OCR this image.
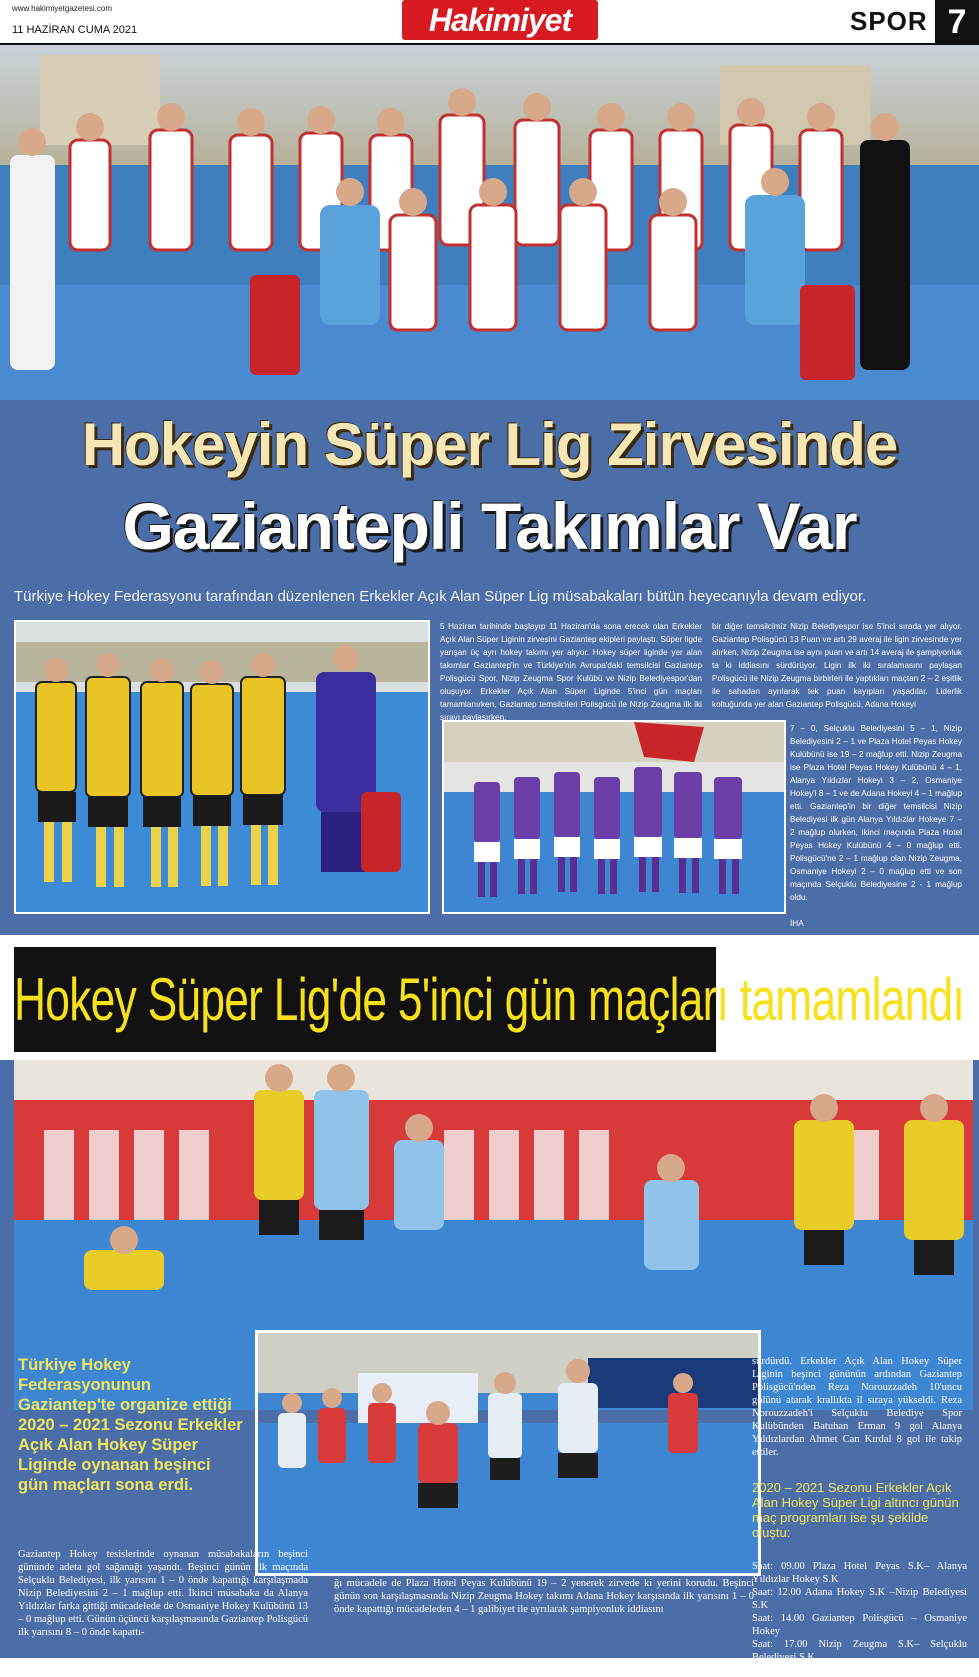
www.hakimiyetgazetesi.com
11 HAZİRAN CUMA 2021	Hakimiyet	SPOR 7
Hokeyin Süper Lig Zirvesinde
Gaziantepli Takımlar Var
Türkiye Hokey Federasyonu tarafından düzenlenen Erkekler Açık Alan Süper Lig müsabakaları bütün heyecanıyla devam ediyor.
5 Haziran tarihinde başlayıp 11 Haziran'da sona erecek olan Erkekler Açık Alan Süper Liginin zirvesini Gaziantep ekipleri paylaştı. Süper ligde yarışan üç ayrı hokey takımı yer alıyor. Hokey süper liginde yer alan takımlar Gaziantep'in ve Türkiye'nin Avrupa'daki temsilcisi Gaziantep Polisgücü Spor, Nizip Zeugma Spor Kulübü ve Nizip Belediyespor'dan oluşuyor. Erkekler Açık Alan Süper Liginde 5'inci gün maçları tamamlanırken, Gaziantep temsilcileri Polisgücü ile Nizip Zeugma ilk iki sırayı paylaşırken,
bir diğer temsilcimiz Nizip Belediyespor ise 5'inci sırada yer alıyor. Gaziantep Polisgücü 13 Puan ve artı 29 averaj ile ligin zirvesinde yer alırken, Nizip Zeugma ise aynı puan ve artı 14 averaj ile şampiyonluk ta ki iddiasını sürdürüyor. Ligin ilk iki sıralamasını paylaşan Polisgücü ile Nizip Zeugma birbirleri ile yaptıkları maçtan 2 – 2 eşitlik ile sahadan ayrılarak tek puan kayıpları yaşadılar. Liderlik koltuğunda yer alan Gaziantep Polisgücü, Adana Hokeyi
7 – 0, Selçuklu Belediyesini 5 – 1, Nizip Belediyesini 2 – 1 ve Plaza Hotel Peyas Hokey Kulübünü ise 19 – 2 mağlup etti. Nizip Zeugma ise Plaza Hotel Peyas Hokey Kulübünü 4 – 1, Alanya Yıldızlar Hokeyi 3 – 2, Osmaniye Hokey'i 8 – 1 ve de Adana Hokeyi 4 – 1 mağlup etti. Gaziantep'in bir diğer temsilcisi Nizip Belediyesi ilk gün Alanya Yıldızlar Hokeye 7 – 2 mağlup olurken, ikinci maçında Plaza Hotel Peyas Hokey Kulübünü 4 – 0 mağlup etti. Polisgücü'ne 2 – 1 mağlup olan Nizip Zeugma, Osmaniye Hokeyi 2 – 0 mağlup etti ve son maçında Selçuklu Belediyesine 2 - 1 mağlup oldu.

İHA
Hokey Süper Lig'de 5'inci gün maçları tamamlandı
Türkiye Hokey Federasyonunun Gaziantep'te organize ettiği 2020 – 2021 Sezonu Erkekler Açık Alan Hokey Süper Liginde oynanan beşinci gün maçları sona erdi.
Gaziantep Hokey tesislerinde oynanan müsabakaların beşinci gününde adeta gol sağanağı yaşandı. Beşinci günün ilk maçında Selçuklu Belediyesi, ilk yarısını 1 – 0 önde kapattığı karşılaşmada Nizip Belediyesini 2 – 1 mağlup etti. İkinci müsabaka da Alanya Yıldızlar farka gittiği mücadelede de Osmaniye Hokey Kulübünü 13 – 0 mağlup etti. Günün üçüncü karşılaşmasında Gaziantep Polisgücü ilk yarısını 8 – 0 önde kapattı-
ğı mücadele de Plaza Hotel Peyas Kulübünü 19 – 2 yenerek zirvede ki yerini korudu. Beşinci günün son karşılaşmasında Nizip Zeugma Hokey takımı Adana Hokey karşısında ilk yarısını 1 – 0 önde kapattığı mücadeleden 4 – 1 galibiyet ile ayrılarak şampiyonluk iddiasını
sürdürdü. Erkekler Açık Alan Hokey Süper Liginin beşinci gününün ardından Gaziantep Polisgücü'nden Reza Norouzzadeh 10'uncu golünü atarak krallıkta il sıraya yükseldi. Reza Norouzzadeh'i Selçuklu Belediye Spor Kulübünden Batuhan Erman 9 gol Alanya Yıldızlardan Ahmet Can Kırdal 8 gol ile takip ettiler.
2020 – 2021 Sezonu Erkekler Açık Alan Hokey Süper Ligi altıncı günün maç programları ise şu şekilde oluştu:
Saat: 09.00 Plaza Hotel Peyas S.K– Alanya Yıldızlar Hokey S.K
Saat: 12.00 Adana Hokey S.K –Nizip Belediyesi S.K
Saat: 14.00 Gaziantep Polisgücü – Osmaniye Hokey
Saat: 17.00 Nizip Zeugma S.K– Selçuklu Belediyesi S.K
HABER MERKEZİ
